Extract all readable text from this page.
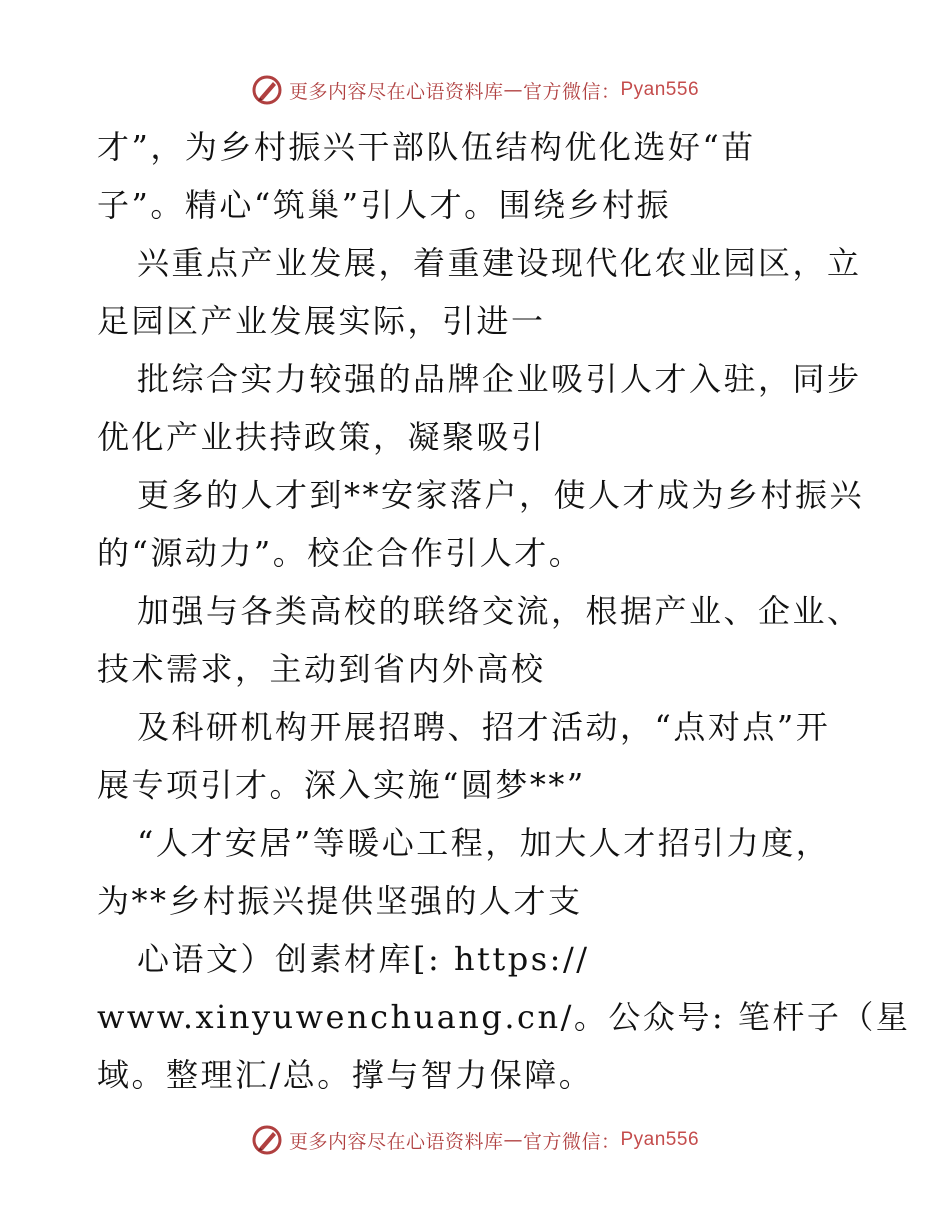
更多内容尽在心语资料库 — 官方微信： Pyan556
才”，为乡村振兴干部队伍结构优化选好“苗
子”。精心“筑巢”引人才。围绕乡村振
兴重点产业发展，着重建设现代化农业园区，立
足园区产业发展实际，引进一
批综合实力较强的品牌企业吸引人才入驻，同步
优化产业扶持政策，凝聚吸引
更多的人才到**安家落户，使人才成为乡村振兴
的“源动力”。校企合作引人才。
加强与各类高校的联络交流，根据产业、企业、
技术需求，主动到省内外高校
及科研机构开展招聘、招才活动，“点对点”开
展专项引才。深入实施“圆梦**”
“人才安居”等暖心工程，加大人才招引力度，
为**乡村振兴提供坚强的人才支
心语文）创素材库[: https://
www.xinyuwenchuang.cn/。公众号: 笔杆子（星
域。整理汇/总。撑与智力保障。
更多内容尽在心语资料库 — 官方微信： Pyan556
